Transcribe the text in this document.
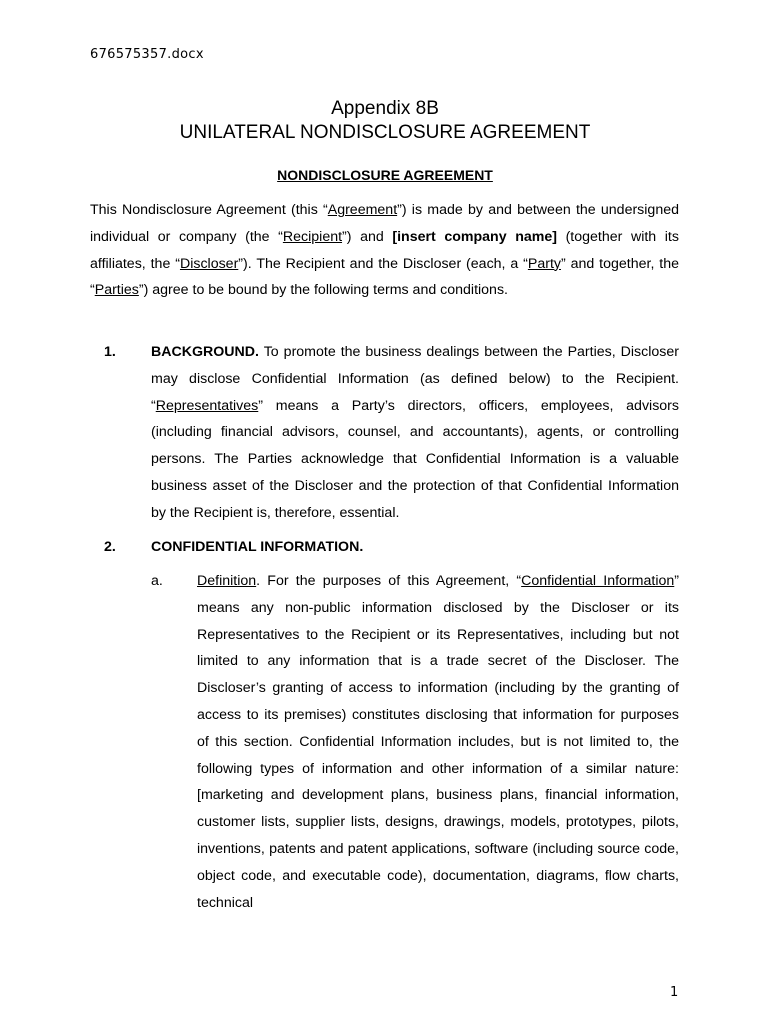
676575357.docx
Appendix 8B
UNILATERAL NONDISCLOSURE AGREEMENT
NONDISCLOSURE AGREEMENT

This Nondisclosure Agreement (this “Agreement”) is made by and between the undersigned individual or company (the “Recipient”) and [insert company name] (together with its affiliates, the “Discloser”). The Recipient and the Discloser (each, a “Party” and together, the “Parties”) agree to be bound by the following terms and conditions.

1. BACKGROUND. To promote the business dealings between the Parties, Discloser may disclose Confidential Information (as defined below) to the Recipient. “Representatives” means a Party’s directors, officers, employees, advisors (including financial advisors, counsel, and accountants), agents, or controlling persons. The Parties acknowledge that Confidential Information is a valuable business asset of the Discloser and the protection of that Confidential Information by the Recipient is, therefore, essential.

2. CONFIDENTIAL INFORMATION.
a. Definition. For the purposes of this Agreement, “Confidential Information” means any non-public information disclosed by the Discloser or its Representatives to the Recipient or its Representatives, including but not limited to any information that is a trade secret of the Discloser. The Discloser’s granting of access to information (including by the granting of access to its premises) constitutes disclosing that information for purposes of this section. Confidential Information includes, but is not limited to, the following types of information and other information of a similar nature: [marketing and development plans, business plans, financial information, customer lists, supplier lists, designs, drawings, models, prototypes, pilots, inventions, patents and patent applications, software (including source code, object code, and executable code), documentation, diagrams, flow charts, technical

1
